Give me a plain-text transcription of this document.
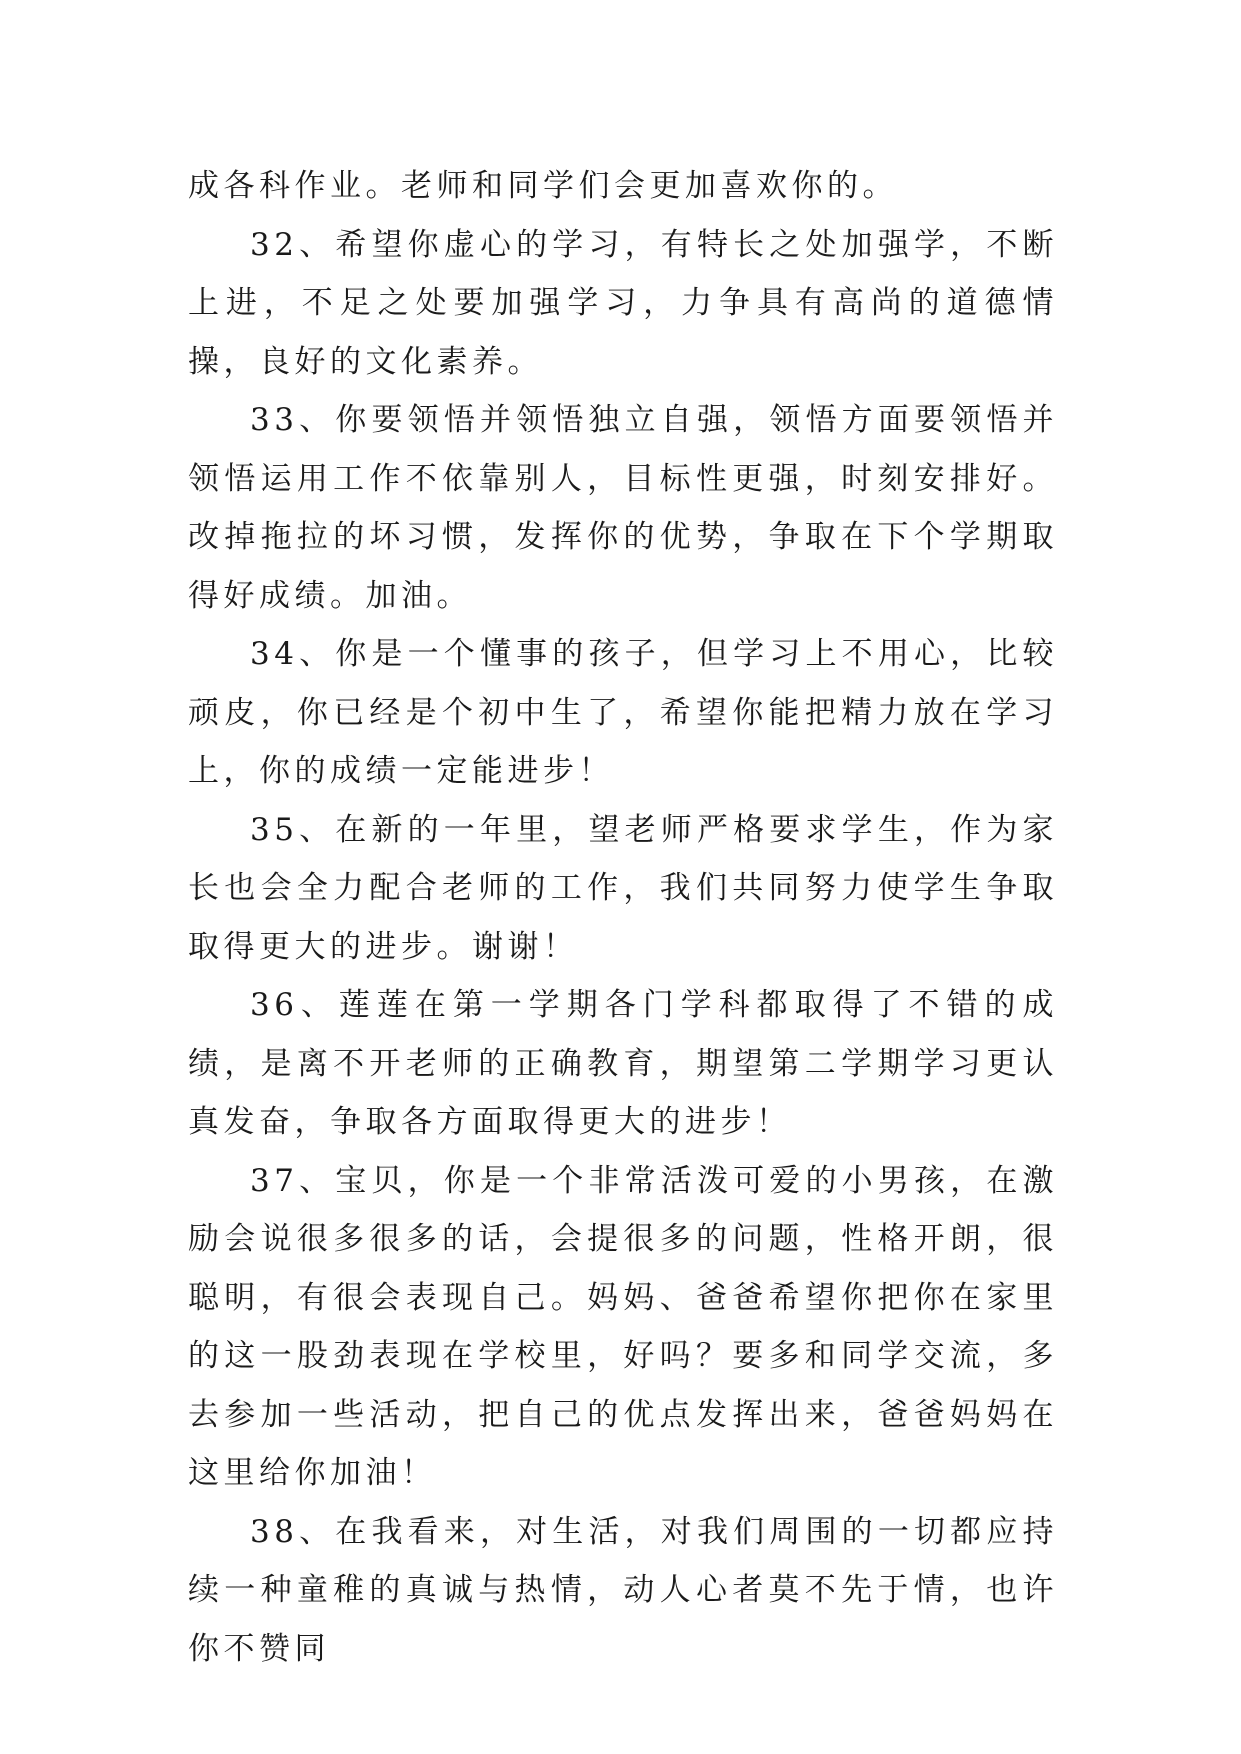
成各科作业。老师和同学们会更加喜欢你的。

32、希望你虚心的学习，有特长之处加强学，不断上进，不足之处要加强学习，力争具有高尚的道德情操，良好的文化素养。

33、你要领悟并领悟独立自强，领悟方面要领悟并领悟运用工作不依靠别人，目标性更强，时刻安排好。改掉拖拉的坏习惯，发挥你的优势，争取在下个学期取得好成绩。加油。

34、你是一个懂事的孩子，但学习上不用心，比较顽皮，你已经是个初中生了，希望你能把精力放在学习上，你的成绩一定能进步！

35、在新的一年里，望老师严格要求学生，作为家长也会全力配合老师的工作，我们共同努力使学生争取取得更大的进步。谢谢！

36、莲莲在第一学期各门学科都取得了不错的成绩，是离不开老师的正确教育，期望第二学期学习更认真发奋，争取各方面取得更大的进步！

37、宝贝，你是一个非常活泼可爱的小男孩，在激励会说很多很多的话，会提很多的问题，性格开朗，很聪明，有很会表现自己。妈妈、爸爸希望你把你在家里的这一股劲表现在学校里，好吗？要多和同学交流，多去参加一些活动，把自己的优点发挥出来，爸爸妈妈在这里给你加油！

38、在我看来，对生活，对我们周围的一切都应持续一种童稚的真诚与热情，动人心者莫不先于情，也许你不赞同
